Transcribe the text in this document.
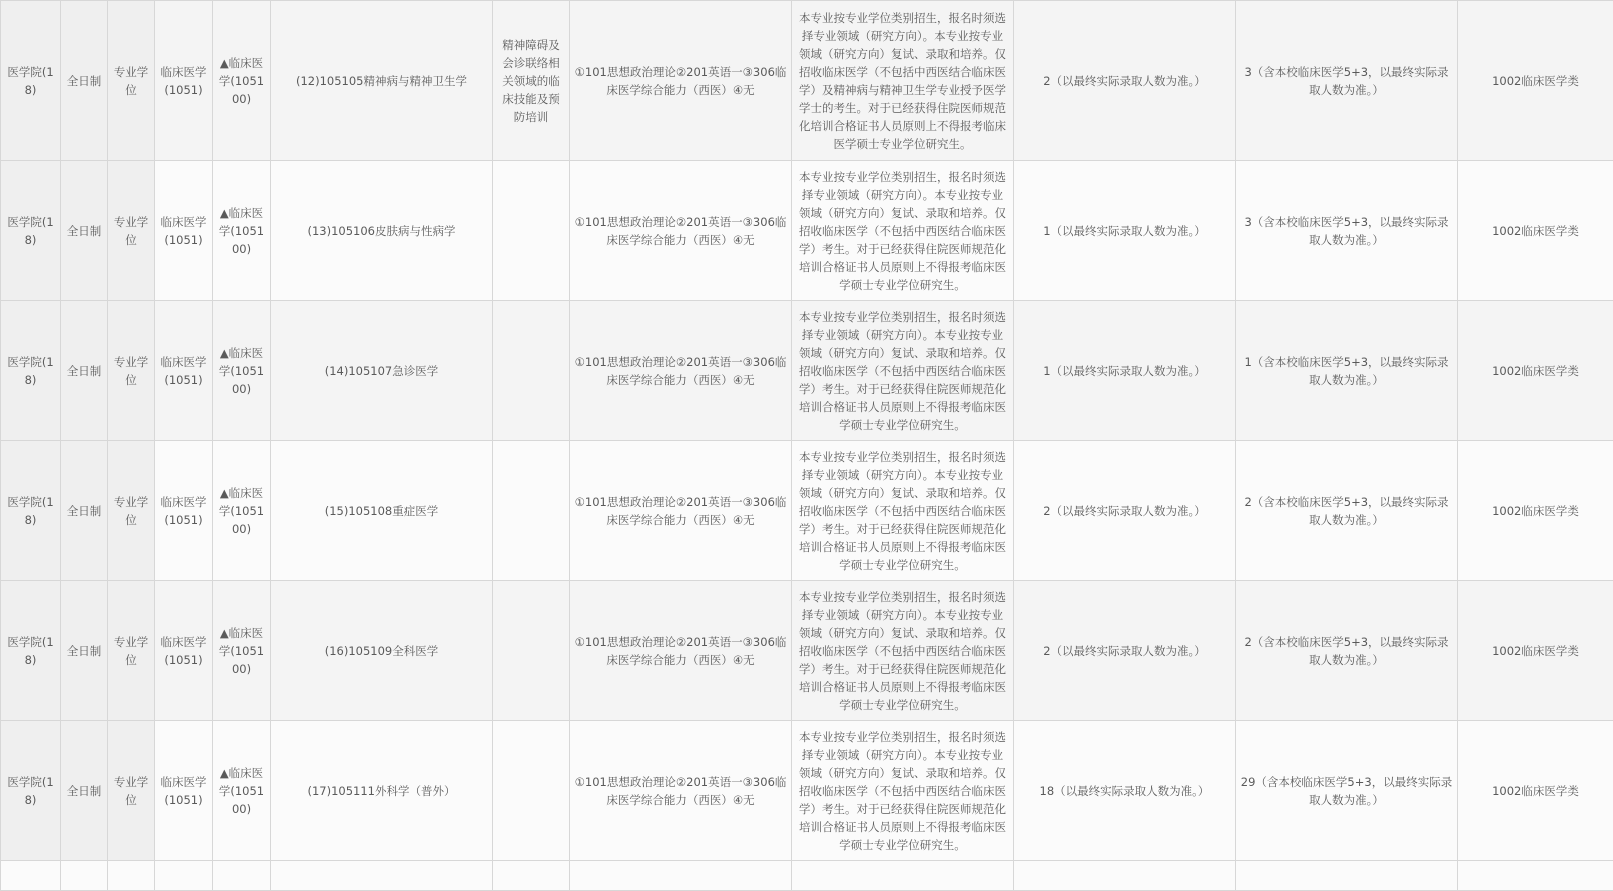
医学院(18)	全日制	专业学位	临床医学(1051)	▲临床医学(105100)	(12)105105精神病与精神卫生学	精神障碍及会诊联络相关领域的临床技能及预防培训	①101思想政治理论②201英语一③306临床医学综合能力（西医）④无	本专业按专业学位类别招生，报名时须选择专业领域（研究方向）。本专业按专业领域（研究方向）复试、录取和培养。仅招收临床医学（不包括中西医结合临床医学）及精神病与精神卫生学专业授予医学学士的考生。对于已经获得住院医师规范化培训合格证书人员原则上不得报考临床医学硕士专业学位研究生。	2（以最终实际录取人数为准。）	3（含本校临床医学5+3，以最终实际录取人数为准。）	1002临床医学类
医学院(18)	全日制	专业学位	临床医学(1051)	▲临床医学(105100)	(13)105106皮肤病与性病学		①101思想政治理论②201英语一③306临床医学综合能力（西医）④无	本专业按专业学位类别招生，报名时须选择专业领域（研究方向）。本专业按专业领域（研究方向）复试、录取和培养。仅招收临床医学（不包括中西医结合临床医学）考生。对于已经获得住院医师规范化培训合格证书人员原则上不得报考临床医学硕士专业学位研究生。	1（以最终实际录取人数为准。）	3（含本校临床医学5+3，以最终实际录取人数为准。）	1002临床医学类
医学院(18)	全日制	专业学位	临床医学(1051)	▲临床医学(105100)	(14)105107急诊医学		①101思想政治理论②201英语一③306临床医学综合能力（西医）④无	本专业按专业学位类别招生，报名时须选择专业领域（研究方向）。本专业按专业领域（研究方向）复试、录取和培养。仅招收临床医学（不包括中西医结合临床医学）考生。对于已经获得住院医师规范化培训合格证书人员原则上不得报考临床医学硕士专业学位研究生。	1（以最终实际录取人数为准。）	1（含本校临床医学5+3，以最终实际录取人数为准。）	1002临床医学类
医学院(18)	全日制	专业学位	临床医学(1051)	▲临床医学(105100)	(15)105108重症医学		①101思想政治理论②201英语一③306临床医学综合能力（西医）④无	本专业按专业学位类别招生，报名时须选择专业领域（研究方向）。本专业按专业领域（研究方向）复试、录取和培养。仅招收临床医学（不包括中西医结合临床医学）考生。对于已经获得住院医师规范化培训合格证书人员原则上不得报考临床医学硕士专业学位研究生。	2（以最终实际录取人数为准。）	2（含本校临床医学5+3，以最终实际录取人数为准。）	1002临床医学类
医学院(18)	全日制	专业学位	临床医学(1051)	▲临床医学(105100)	(16)105109全科医学		①101思想政治理论②201英语一③306临床医学综合能力（西医）④无	本专业按专业学位类别招生，报名时须选择专业领域（研究方向）。本专业按专业领域（研究方向）复试、录取和培养。仅招收临床医学（不包括中西医结合临床医学）考生。对于已经获得住院医师规范化培训合格证书人员原则上不得报考临床医学硕士专业学位研究生。	2（以最终实际录取人数为准。）	2（含本校临床医学5+3，以最终实际录取人数为准。）	1002临床医学类
医学院(18)	全日制	专业学位	临床医学(1051)	▲临床医学(105100)	(17)105111外科学（普外）		①101思想政治理论②201英语一③306临床医学综合能力（西医）④无	本专业按专业学位类别招生，报名时须选择专业领域（研究方向）。本专业按专业领域（研究方向）复试、录取和培养。仅招收临床医学（不包括中西医结合临床医学）考生。对于已经获得住院医师规范化培训合格证书人员原则上不得报考临床医学硕士专业学位研究生。	18（以最终实际录取人数为准。）	29（含本校临床医学5+3，以最终实际录取人数为准。）	1002临床医学类
